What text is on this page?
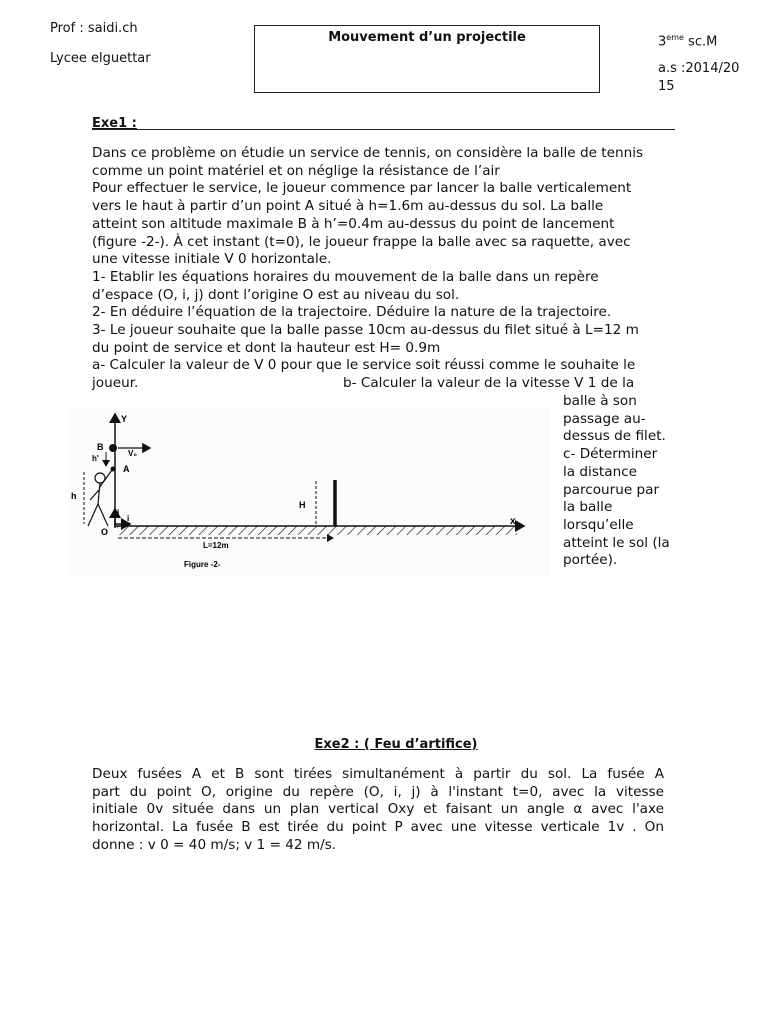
Prof : saidi.ch
Lycee elguettar
Mouvement d’un projectile	3eme sc.M
a.s :2014/20
15
Exe1 :
Dans ce problème on étudie un service de tennis, on considère la balle de tennis
comme un point matériel et on néglige la résistance de l’air
Pour effectuer le service, le joueur commence par lancer la balle verticalement
vers le haut à partir d’un point A situé à h=1.6m au-dessus du sol. La balle
atteint son altitude maximale B à h’=0.4m au-dessus du point de lancement
(figure -2-). À cet instant (t=0), le joueur frappe la balle avec sa raquette, avec
une vitesse initiale V 0 horizontale.
1- Etablir les équations horaires du mouvement de la balle dans un repère
d’espace (O, i, j) dont l’origine O est au niveau du sol.
2- En déduire l’équation de la trajectoire. Déduire la nature de la trajectoire.
3- Le joueur souhaite que la balle passe 10cm au-dessus du filet situé à L=12 m
du point de service et dont la hauteur est H= 0.9m
a- Calculer la valeur de V 0 pour que le service soit réussi comme le souhaite le
joueur.	b- Calculer la valeur de la vitesse V 1 de la
balle à son
passage au-
dessus de filet.
c- Déterminer
la distance
parcourue par
la balle
lorsqu’elle
atteint le sol (la
portée).
Y
x
B
h'
A
V₀
h
H
O
i
j
L=12m
Figure -2-
Exe2 : ( Feu d’artifice)
Deux fusées A et B sont tirées simultanément à partir du sol. La fusée A
part du point O, origine du repère (O, i, j) à l'instant t=0, avec la vitesse
initiale 0v située dans un plan vertical Oxy et faisant un angle α avec l'axe
horizontal. La fusée B est tirée du point P avec une vitesse verticale 1v . On
donne : v 0 = 40 m/s; v 1 = 42 m/s.
